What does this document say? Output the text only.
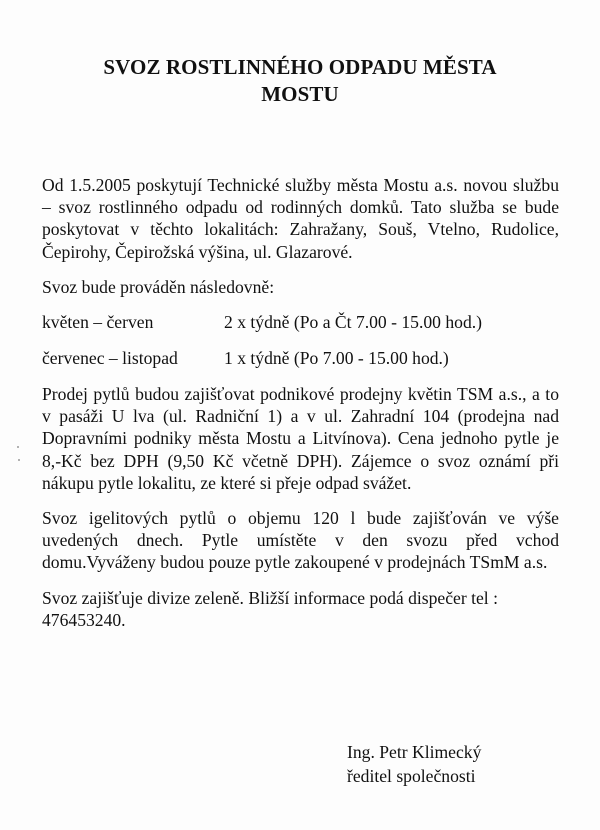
SVOZ ROSTLINNÉHO ODPADU MĚSTA
MOSTU

Od 1.5.2005 poskytují Technické služby města Mostu a.s. novou službu – svoz rostlinného odpadu od rodinných domků. Tato služba se bude poskytovat v těchto lokalitách: Zahražany, Souš, Vtelno, Rudolice, Čepirohy, Čepirožská výšina, ul. Glazarové.

Svoz bude prováděn následovně:

květen – červen	2 x týdně (Po a Čt 7.00 - 15.00 hod.)
červenec – listopad	1 x týdně (Po 7.00 - 15.00 hod.)

Prodej pytlů budou zajišťovat podnikové prodejny květin TSM a.s., a to v pasáži U lva (ul. Radniční 1) a v ul. Zahradní 104 (prodejna nad Dopravními podniky města Mostu a Litvínova). Cena jednoho pytle je 8,-Kč bez DPH (9,50 Kč včetně DPH). Zájemce o svoz oznámí při nákupu pytle lokalitu, ze které si přeje odpad svážet.

Svoz igelitových pytlů o objemu 120 l bude zajišťován ve výše uvedených dnech. Pytle umístěte v den svozu před vchod domu.Vyváženy budou pouze pytle zakoupené v prodejnách TSmM a.s.

Svoz zajišťuje divize zeleně. Bližší informace podá dispečer tel : 476453240.

Ing. Petr Klimecký
ředitel společnosti
